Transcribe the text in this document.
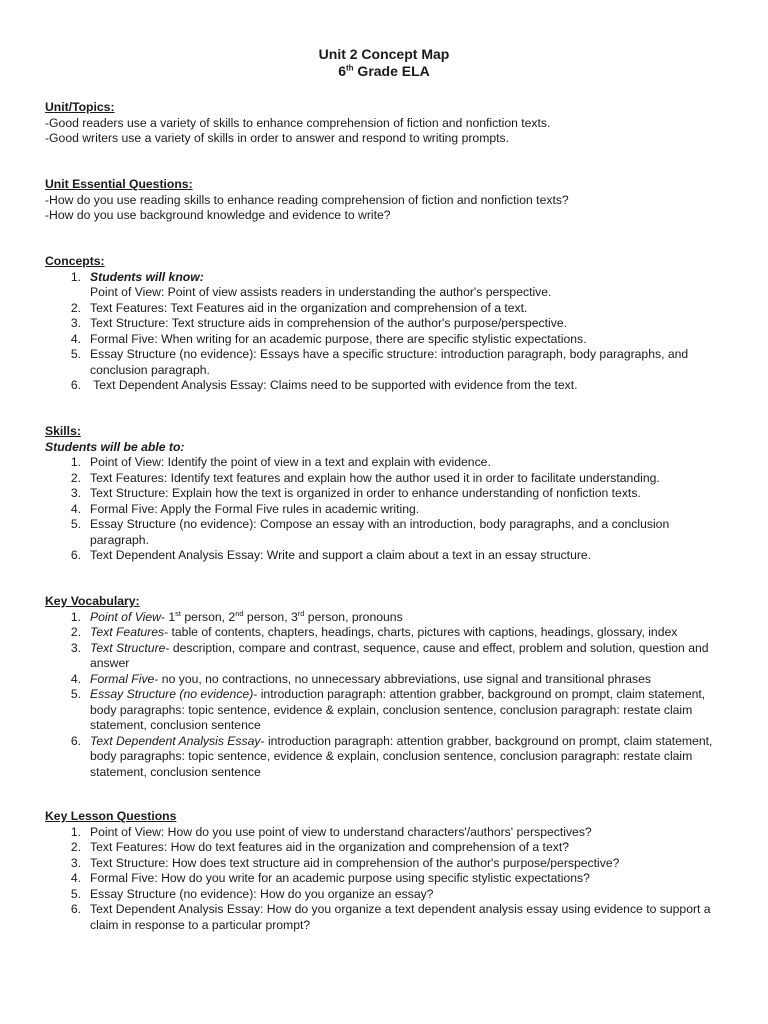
Unit 2 Concept Map
6th Grade ELA
Unit/Topics:
-Good readers use a variety of skills to enhance comprehension of fiction and nonfiction texts.
-Good writers use a variety of skills in order to answer and respond to writing prompts.
Unit Essential Questions:
-How do you use reading skills to enhance reading comprehension of fiction and nonfiction texts?
-How do you use background knowledge and evidence to write?
Concepts:
1. Students will know:
Point of View: Point of view assists readers in understanding the author's perspective.
2. Text Features: Text Features aid in the organization and comprehension of a text.
3. Text Structure: Text structure aids in comprehension of the author's purpose/perspective.
4. Formal Five: When writing for an academic purpose, there are specific stylistic expectations.
5. Essay Structure (no evidence): Essays have a specific structure: introduction paragraph, body paragraphs, and conclusion paragraph.
6. Text Dependent Analysis Essay: Claims need to be supported with evidence from the text.
Skills:
Students will be able to:
1. Point of View: Identify the point of view in a text and explain with evidence.
2. Text Features: Identify text features and explain how the author used it in order to facilitate understanding.
3. Text Structure: Explain how the text is organized in order to enhance understanding of nonfiction texts.
4. Formal Five: Apply the Formal Five rules in academic writing.
5. Essay Structure (no evidence): Compose an essay with an introduction, body paragraphs, and a conclusion paragraph.
6. Text Dependent Analysis Essay: Write and support a claim about a text in an essay structure.
Key Vocabulary:
1. Point of View- 1st person, 2nd person, 3rd person, pronouns
2. Text Features- table of contents, chapters, headings, charts, pictures with captions, headings, glossary, index
3. Text Structure- description, compare and contrast, sequence, cause and effect, problem and solution, question and answer
4. Formal Five- no you, no contractions, no unnecessary abbreviations, use signal and transitional phrases
5. Essay Structure (no evidence)- introduction paragraph: attention grabber, background on prompt, claim statement, body paragraphs: topic sentence, evidence & explain, conclusion sentence, conclusion paragraph: restate claim statement, conclusion sentence
6. Text Dependent Analysis Essay- introduction paragraph: attention grabber, background on prompt, claim statement, body paragraphs: topic sentence, evidence & explain, conclusion sentence, conclusion paragraph: restate claim statement, conclusion sentence
Key Lesson Questions
1. Point of View: How do you use point of view to understand characters'/authors' perspectives?
2. Text Features: How do text features aid in the organization and comprehension of a text?
3. Text Structure: How does text structure aid in comprehension of the author's purpose/perspective?
4. Formal Five: How do you write for an academic purpose using specific stylistic expectations?
5. Essay Structure (no evidence): How do you organize an essay?
6. Text Dependent Analysis Essay: How do you organize a text dependent analysis essay using evidence to support a claim in response to a particular prompt?
